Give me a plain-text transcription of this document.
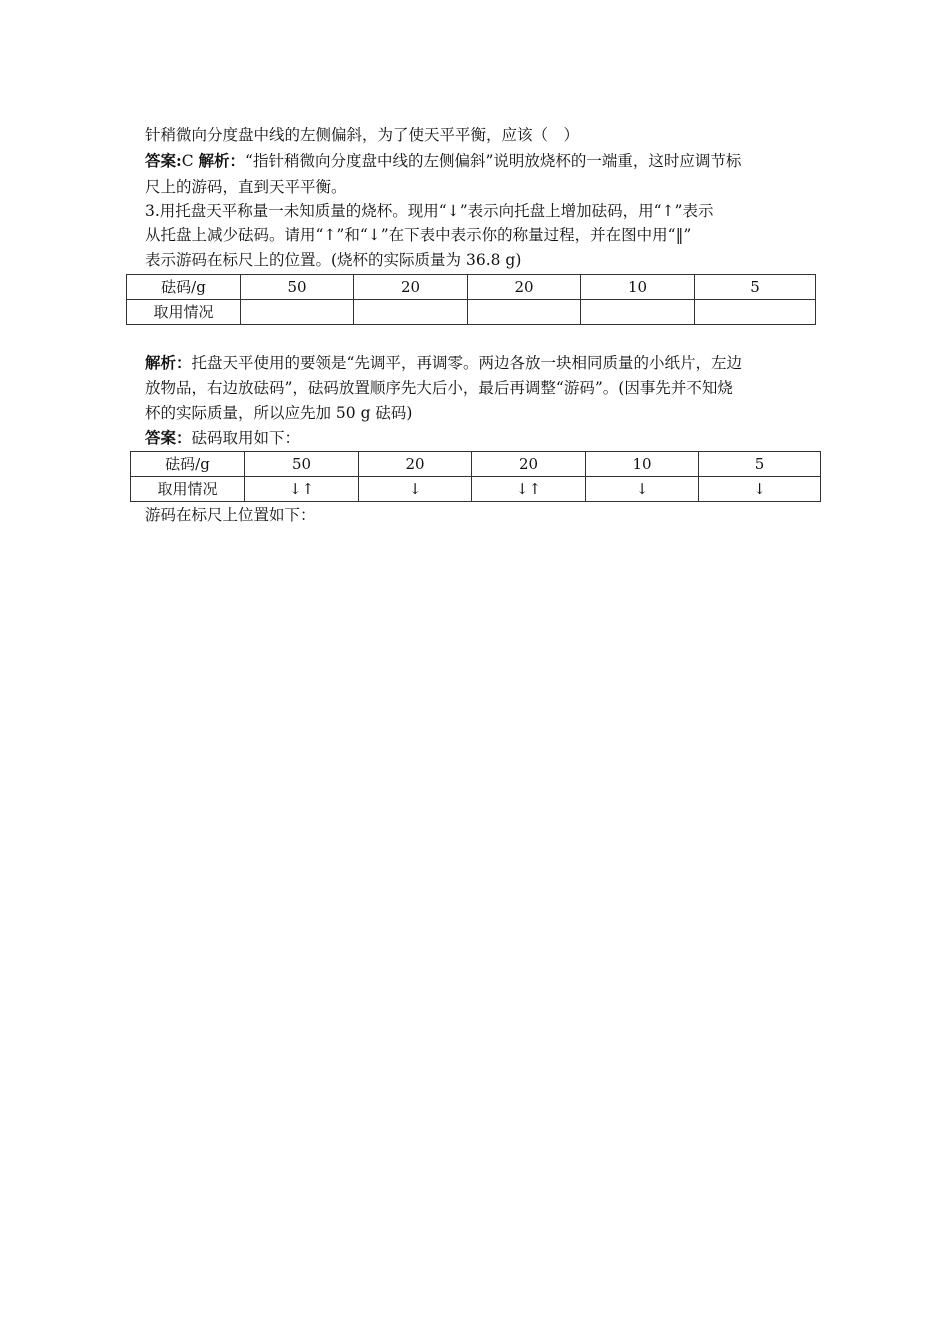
针稍微向分度盘中线的左侧偏斜，为了使天平平衡，应该（　）
答案:C 解析：“指针稍微向分度盘中线的左侧偏斜”说明放烧杯的一端重，这时应调节标
尺上的游码，直到天平平衡。
3.用托盘天平称量一未知质量的烧杯。现用“↓”表示向托盘上增加砝码，用“↑”表示
从托盘上减少砝码。请用“↑”和“↓”在下表中表示你的称量过程，并在图中用“‖”
表示游码在标尺上的位置。(烧杯的实际质量为 36.8 g)
砝码/g	50	20	20	10	5
取用情况					
解析：托盘天平使用的要领是“先调平，再调零。两边各放一块相同质量的小纸片，左边
放物品，右边放砝码”，砝码放置顺序先大后小，最后再调整“游码”。(因事先并不知烧
杯的实际质量，所以应先加 50 g 砝码)
答案：砝码取用如下：
砝码/g	50	20	20	10	5
取用情况	↓↑	↓	↓↑	↓	↓
游码在标尺上位置如下：
